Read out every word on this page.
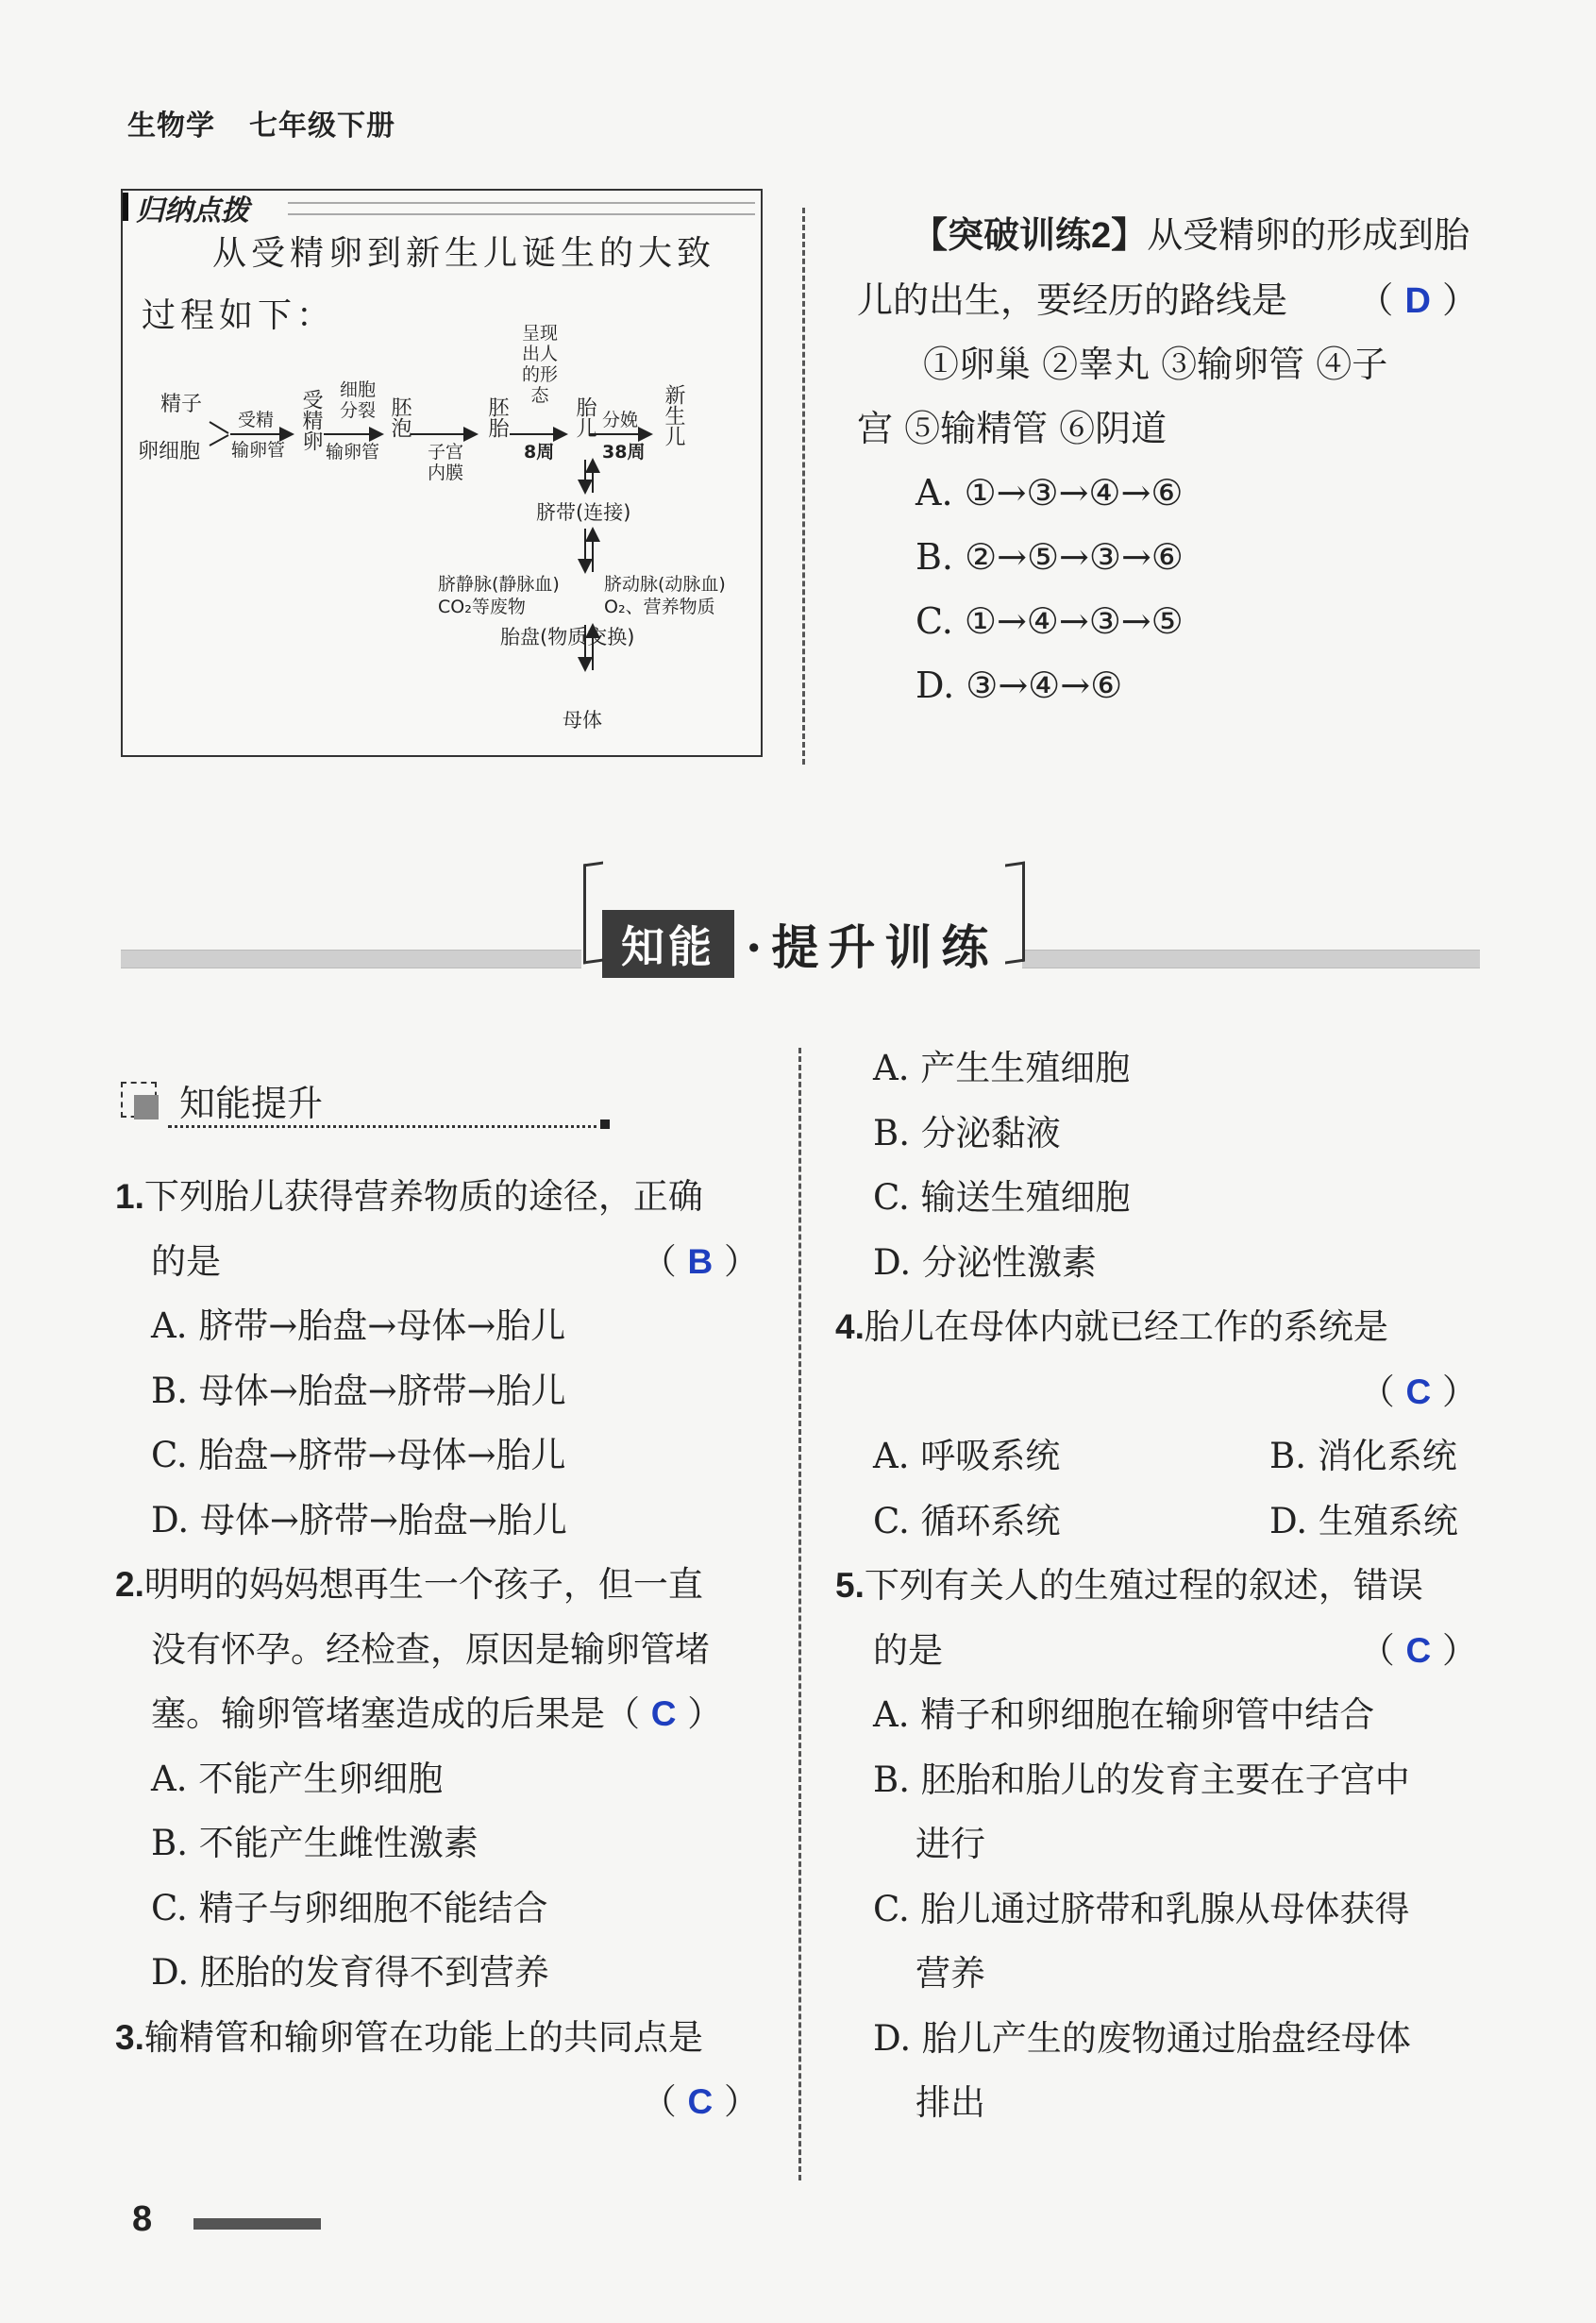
生物学 七年级下册
归纳点拨
从受精卵到新生儿诞生的大致过程如下：
精子
卵细胞
受精
输卵管 受精卵 细胞分裂
输卵管
胚泡
子宫内膜
胚胎
呈现出人的形态
8周
胎儿 分娩
38周
新生儿
脐带(连接)
脐静脉(静脉血)
CO₂等废物
脐动脉(动脉血)
O₂、营养物质
胎盘(物质交换)
母体
【突破训练2】从受精卵的形成到胎
儿的出生，要经历的路线是 （ D ）
①卵巢 ②睾丸 ③输卵管 ④子
宫 ⑤输精管 ⑥阴道
A. ①→③→④→⑥
B. ②→⑤→③→⑥
C. ①→④→③→⑤
D. ③→④→⑥
知能 ·提升训练
知能提升
1.下列胎儿获得营养物质的途径，正确
的是	（ B ）
A. 脐带→胎盘→母体→胎儿
B. 母体→胎盘→脐带→胎儿
C. 胎盘→脐带→母体→胎儿
D. 母体→脐带→胎盘→胎儿
2.明明的妈妈想再生一个孩子，但一直
没有怀孕。经检查，原因是输卵管堵
塞。输卵管堵塞造成的后果是（ C ）
A. 不能产生卵细胞
B. 不能产生雌性激素
C. 精子与卵细胞不能结合
D. 胚胎的发育得不到营养
3.输精管和输卵管在功能上的共同点是
（ C ）

A. 产生生殖细胞
B. 分泌黏液
C. 输送生殖细胞
D. 分泌性激素
4.胎儿在母体内就已经工作的系统是
（ C ）

A. 呼吸系统	B. 消化系统
C. 循环系统	D. 生殖系统
5.下列有关人的生殖过程的叙述，错误
的是	（ C ）
A. 精子和卵细胞在输卵管中结合
B. 胚胎和胎儿的发育主要在子宫中
进行
C. 胎儿通过脐带和乳腺从母体获得
营养
D. 胎儿产生的废物通过胎盘经母体
排出
8
